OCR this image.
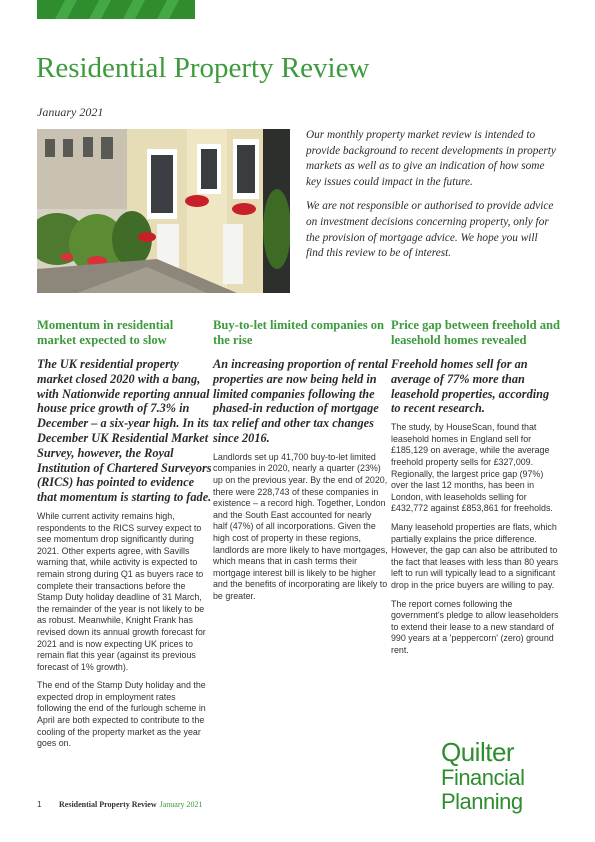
Residential Property Review
January 2021

Our monthly property market review is intended to provide background to recent developments in property markets as well as to give an indication of how some key issues could impact in the future.

We are not responsible or authorised to provide advice on investment decisions concerning property, only for the provision of mortgage advice. We hope you will find this review to be of interest.

Momentum in residential market expected to slow

The UK residential property market closed 2020 with a bang, with Nationwide reporting annual house price growth of 7.3% in December – a six-year high. In its December UK Residential Market Survey, however, the Royal Institution of Chartered Surveyors (RICS) has pointed to evidence that momentum is starting to fade.

While current activity remains high, respondents to the RICS survey expect to see momentum drop significantly during 2021. Other experts agree, with Savills warning that, while activity is expected to remain strong during Q1 as buyers race to complete their transactions before the Stamp Duty holiday deadline of 31 March, the remainder of the year is not likely to be as robust. Meanwhile, Knight Frank has revised down its annual growth forecast for 2021 and is now expecting UK prices to remain flat this year (against its previous forecast of 1% growth).

The end of the Stamp Duty holiday and the expected drop in employment rates following the end of the furlough scheme in April are both expected to contribute to the cooling of the property market as the year goes on.

Buy-to-let limited companies on the rise

An increasing proportion of rental properties are now being held in limited companies following the phased-in reduction of mortgage tax relief and other tax changes since 2016.

Landlords set up 41,700 buy-to-let limited companies in 2020, nearly a quarter (23%) up on the previous year. By the end of 2020, there were 228,743 of these companies in existence – a record high. Together, London and the South East accounted for nearly half (47%) of all incorporations. Given the high cost of property in these regions, landlords are more likely to have mortgages, which means that in cash terms their mortgage interest bill is likely to be higher and the benefits of incorporating are likely to be greater.

Price gap between freehold and leasehold homes revealed

Freehold homes sell for an average of 77% more than leasehold properties, according to recent research.

The study, by HouseScan, found that leasehold homes in England sell for £185,129 on average, while the average freehold property sells for £327,009. Regionally, the largest price gap (97%) over the last 12 months, has been in London, with leaseholds selling for £432,772 against £853,861 for freeholds.

Many leasehold properties are flats, which partially explains the price difference. However, the gap can also be attributed to the fact that leases with less than 80 years left to run will typically lead to a significant drop in the price buyers are willing to pay.

The report comes following the government's pledge to allow leaseholders to extend their lease to a new standard of 990 years at a 'peppercorn' (zero) ground rent.

1 Residential Property Review January 2021
Quilter
Financial
Planning
